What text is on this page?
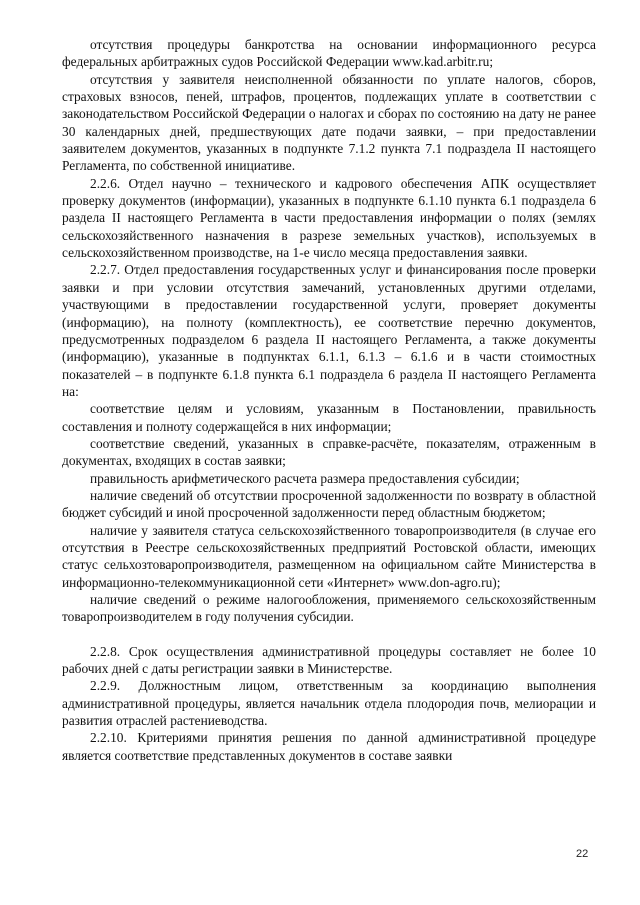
отсутствия процедуры банкротства на основании информационного ресурса федеральных арбитражных судов Российской Федерации www.kad.arbitr.ru;

отсутствия у заявителя неисполненной обязанности по уплате налогов, сборов, страховых взносов, пеней, штрафов, процентов, подлежащих уплате в соответствии с законодательством Российской Федерации о налогах и сборах по состоянию на дату не ранее 30 календарных дней, предшествующих дате подачи заявки, – при предоставлении заявителем документов, указанных в подпункте 7.1.2 пункта 7.1 подраздела II настоящего Регламента, по собственной инициативе.

2.2.6. Отдел научно – технического и кадрового обеспечения АПК осуществляет проверку документов (информации), указанных в подпункте 6.1.10 пункта 6.1 подраздела 6 раздела II настоящего Регламента в части предоставления информации о полях (землях сельскохозяйственного назначения в разрезе земельных участков), используемых в сельскохозяйственном производстве, на 1-е число месяца предоставления заявки.

2.2.7. Отдел предоставления государственных услуг и финансирования после проверки заявки и при условии отсутствия замечаний, установленных другими отделами, участвующими в предоставлении государственной услуги, проверяет документы (информацию), на полноту (комплектность), ее соответствие перечню документов, предусмотренных подразделом 6 раздела II настоящего Регламента, а также документы (информацию), указанные в подпунктах 6.1.1, 6.1.3 – 6.1.6 и в части стоимостных показателей – в подпункте 6.1.8 пункта 6.1 подраздела 6 раздела II настоящего Регламента на:

соответствие целям и условиям, указанным в Постановлении, правильность составления и полноту содержащейся в них информации;

соответствие сведений, указанных в справке-расчёте, показателям, отраженным в документах, входящих в состав заявки;

правильность арифметического расчета размера предоставления субсидии;

наличие сведений об отсутствии просроченной задолженности по возврату в областной бюджет субсидий и иной просроченной задолженности перед областным бюджетом;

наличие у заявителя статуса сельскохозяйственного товаропроизводителя (в случае его отсутствия в Реестре сельскохозяйственных предприятий Ростовской области, имеющих статус сельхозтоваропроизводителя, размещенном на официальном сайте Министерства в информационно-телекоммуникационной сети «Интернет» www.don-agro.ru);

наличие сведений о режиме налогообложения, применяемого сельскохозяйственным товаропроизводителем в году получения субсидии.

2.2.8. Срок осуществления административной процедуры составляет не более 10 рабочих дней с даты регистрации заявки в Министерстве.

2.2.9. Должностным лицом, ответственным за координацию выполнения административной процедуры, является начальник отдела плодородия почв, мелиорации и развития отраслей растениеводства.

2.2.10. Критериями принятия решения по данной административной процедуре является соответствие представленных документов в составе заявки

22
